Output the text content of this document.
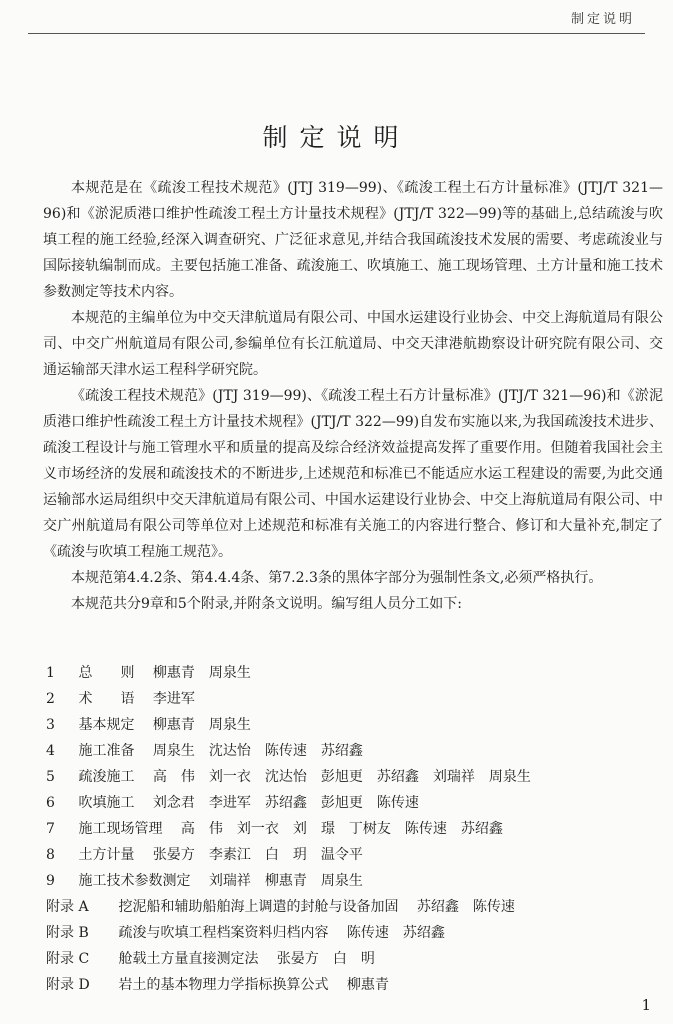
制定说明
制定说明

本规范是在《疏浚工程技术规范》(JTJ 319—99)、《疏浚工程土石方计量标准》(JTJ/T 321—96)和《淤泥质港口维护性疏浚工程土方计量技术规程》(JTJ/T 322—99)等的基础上,总结疏浚与吹填工程的施工经验,经深入调查研究、广泛征求意见,并结合我国疏浚技术发展的需要、考虑疏浚业与国际接轨编制而成。主要包括施工准备、疏浚施工、吹填施工、施工现场管理、土方计量和施工技术参数测定等技术内容。

本规范的主编单位为中交天津航道局有限公司、中国水运建设行业协会、中交上海航道局有限公司、中交广州航道局有限公司,参编单位有长江航道局、中交天津港航勘察设计研究院有限公司、交通运输部天津水运工程科学研究院。

《疏浚工程技术规范》(JTJ 319—99)、《疏浚工程土石方计量标准》(JTJ/T 321—96)和《淤泥质港口维护性疏浚工程土方计量技术规程》(JTJ/T 322—99)自发布实施以来,为我国疏浚技术进步、疏浚工程设计与施工管理水平和质量的提高及综合经济效益提高发挥了重要作用。但随着我国社会主义市场经济的发展和疏浚技术的不断进步,上述规范和标准已不能适应水运工程建设的需要,为此交通运输部水运局组织中交天津航道局有限公司、中国水运建设行业协会、中交上海航道局有限公司、中交广州航道局有限公司等单位对上述规范和标准有关施工的内容进行整合、修订和大量补充,制定了《疏浚与吹填工程施工规范》。

本规范第4.4.2条、第4.4.4条、第7.2.3条的黑体字部分为强制性条文,必须严格执行。

本规范共分9章和5个附录,并附条文说明。编写组人员分工如下:

1 总　　则　 柳惠青　周泉生
2 术　　语　 李进军
3 基本规定　 柳惠青　周泉生
4 施工准备　 周泉生　沈达怡　陈传速　苏绍鑫
5 疏浚施工　 高　伟　刘一衣　沈达怡　彭旭更　苏绍鑫　刘瑞祥　周泉生
6 吹填施工　 刘念君　李进军　苏绍鑫　彭旭更　陈传速
7 施工现场管理　 高　伟　刘一衣　刘　璟　丁树友　陈传速　苏绍鑫
8 土方计量　 张晏方　李素江　白　玥　温令平
9 施工技术参数测定　 刘瑞祥　柳惠青　周泉生
附录 A 挖泥船和辅助船舶海上调遣的封舱与设备加固　 苏绍鑫　陈传速
附录 B 疏浚与吹填工程档案资料归档内容　 陈传速　苏绍鑫
附录 C 舱载土方量直接测定法　 张晏方　白　明
附录 D 岩土的基本物理力学指标换算公式　 柳惠青
1
